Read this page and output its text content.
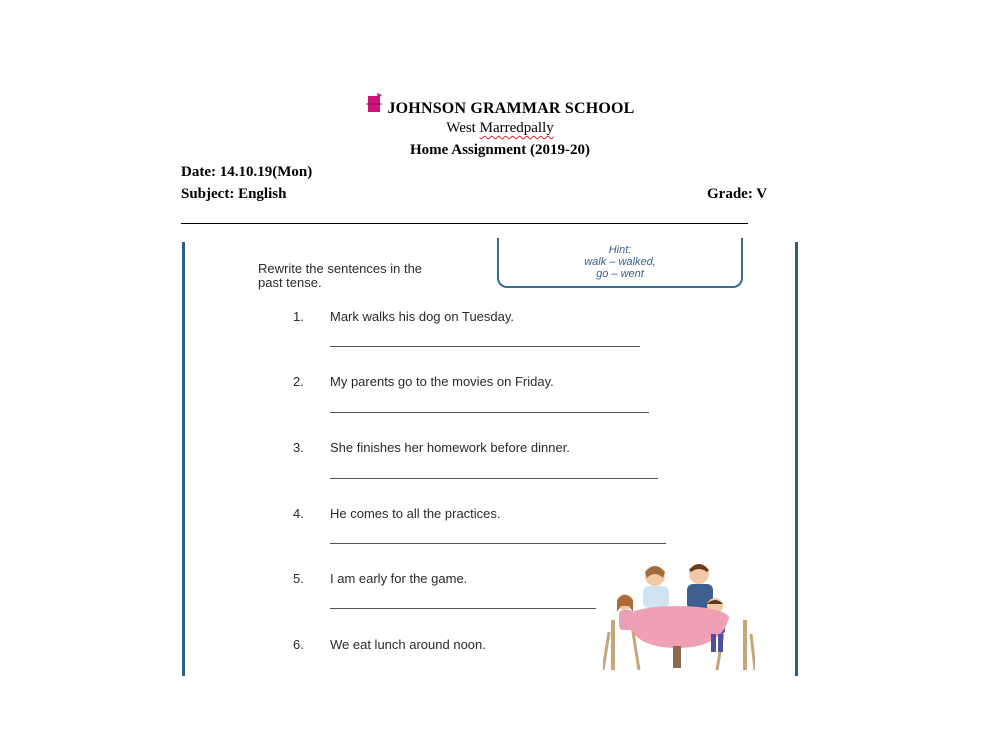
JOHNSON GRAMMAR SCHOOL
West Marredpally
Home Assignment (2019-20)
Date: 14.10.19(Mon)
Subject: English	Grade: V
Rewrite the sentences in the
past tense.
Hint:
walk – walked,
go – went
1. Mark walks his dog on Tuesday.
2. My parents go to the movies on Friday.
3. She finishes her homework before dinner.
4. He comes to all the practices.
5. I am early for the game.
6. We eat lunch around noon.
